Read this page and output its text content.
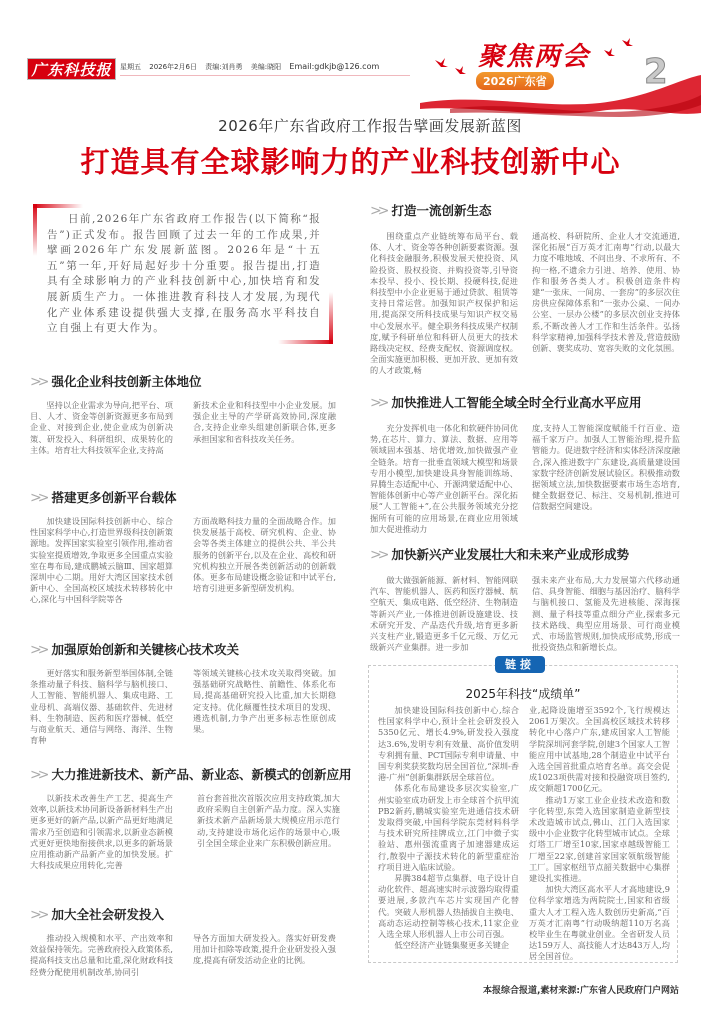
广东科技报	星期五 2026年2月6日 责编:刘肖勇 美编:晓阳 Email:gdkjb@126.com	聚焦两会
2026广东省	2
2026年广东省政府工作报告擘画发展新蓝图
打造具有全球影响力的产业科技创新中心
日前,2026年广东省政府工作报告(以下简称“报告”)正式发布。报告回顾了过去一年的工作成果,并擘画2026年广东发展新蓝图。2026年是“十五五”第一年,开好局起好步十分重要。报告提出,打造具有全球影响力的产业科技创新中心,加快培育和发展新质生产力。一体推进教育科技人才发展,为现代化产业体系建设提供强大支撑,在服务高水平科技自立自强上有更大作为。
>> 强化企业科技创新主体地位

坚持以企业需求为导向,把平台、项目、人才、资金等创新资源更多布局到企业、对接到企业,使企业成为创新决策、研发投入、科研组织、成果转化的主体。培育壮大科技领军企业,支持高

新技术企业和科技型中小企业发展。加强企业主导的产学研高效协同,深度融合,支持企业牵头组建创新联合体,更多承担国家和省科技攻关任务。

>> 搭建更多创新平台载体

加快建设国际科技创新中心、综合性国家科学中心,打造世界级科技创新策源地。发挥国家实验室引领作用,推动省实验室提质增效,争取更多全国重点实验室在粤布局,建成鹏城云脑Ⅲ、国家超算深圳中心二期。用好大湾区国家技术创新中心、全国高校区域技术转移转化中心,深化与中国科学院等各

方面战略科技力量的全面战略合作。加快发展基于高校、研究机构、企业、协会等各类主体建立的提供公共、半公共服务的创新平台,以及在企业、高校和研究机构独立开展各类创新活动的创新载体。更多布局建设概念验证和中试平台,培育引进更多新型研发机构。

>> 加强原始创新和关键核心技术攻关

更好落实和服务新型举国体制,全链条推动量子科技、脑科学与脑机接口、人工智能、智能机器人、集成电路、工业母机、高端仪器、基础软件、先进材料、生物制造、医药和医疗器械、低空与商业航天、通信与网络、海洋、生物育种

等领域关键核心技术攻关取得突破。加强基础研究战略性、前瞻性、体系化布局,提高基础研究投入比重,加大长期稳定支持。优化颠覆性技术项目的发现、遴选机制,力争产出更多标志性原创成果。

>> 大力推进新技术、新产品、新业态、新模式的创新应用

以新技术改善生产工艺、提高生产效率,以新技术协同新设备新材料生产出更多更好的新产品,以新产品更好地满足需求乃至创造和引领需求,以新业态新模式更好更快地衔接供求,以更多的新场景应用推动新产品新产业的加快发展。扩大科技成果应用转化,完善

首台套首批次首版次应用支持政策,加大政府采购自主创新产品力度。深入实施新技术新产品新场景大规模应用示范行动,支持建设市场化运作的场景中心,吸引全国全球企业来广东积极创新应用。

>> 加大全社会研发投入

推动投入规模和水平、产出效率和效益保持领先。完善政府投入政策体系,提高科技支出总量和比重,深化财政科技经费分配使用机制改革,协同引

导各方面加大研发投入。落实好研发费用加计扣除等政策,提升企业研发投入强度,提高有研发活动企业的比例。

>> 打造一流创新生态

围绕重点产业链统筹布局平台、载体、人才、资金等各种创新要素资源。强化科技金融服务,积极发展天使投资、风险投资、股权投资、并购投资等,引导资本投早、投小、投长期、投硬科技,促进科技型中小企业更易于通过贷款、租赁等支持日常运营。加强知识产权保护和运用,提高深交所科技成果与知识产权交易中心发展水平。健全职务科技成果产权制度,赋予科研单位和科研人员更大的技术路线决定权、经费支配权、资源调度权。全面实施更加积极、更加开放、更加有效的人才政策,畅

通高校、科研院所、企业人才交流通道,深化拓展“百万英才汇南粤”行动,以最大力度不唯地域、不问出身、不求所有、不拘一格,不遗余力引进、培养、使用、协作和服务各类人才。积极创造条件构建“一张床、一间房、一套房”的多层次住房供应保障体系和“一张办公桌、一间办公室、一层办公楼”的多层次创业支持体系,不断改善人才工作和生活条件。弘扬科学家精神,加强科学技术普及,营造鼓励创新、褒奖成功、宽容失败的文化氛围。

>> 加快推进人工智能全域全时全行业高水平应用

充分发挥机电一体化和软硬件协同优势,在芯片、算力、算法、数据、应用等领域固本强基、培优增效,加快做强产业全链条。培育一批垂直领域大模型和场景专用小模型,加快建设具身智能训练场、昇腾生态适配中心、开源鸿蒙适配中心、智能体创新中心等产业创新平台。深化拓展“人工智能+”,在公共服务领域充分挖掘所有可能的应用场景,在商业应用领域加大促进推动力

度,支持人工智能深度赋能千行百业、造福千家万户。加强人工智能治理,提升监管能力。促进数字经济和实体经济深度融合,深入推进数字广东建设,高质量建设国家数字经济创新发展试验区。积极推动数据领域立法,加快数据要素市场生态培育,健全数据登记、标注、交易机制,推进可信数据空间建设。

>> 加快新兴产业发展壮大和未来产业成形成势

做大做强新能源、新材料、智能网联汽车、智能机器人、医药和医疗器械、航空航天、集成电路、低空经济、生物制造等新兴产业,一体推进创新设施建设、技术研究开发、产品迭代升级,培育更多新兴支柱产业,锻造更多千亿元级、万亿元级新兴产业集群。进一步加

强未来产业布局,大力发展第六代移动通信、具身智能、细胞与基因治疗、脑科学与脑机接口、氢能及先进核能、深海探测、量子科技等重点细分产业,探索多元技术路线、典型应用场景、可行商业模式、市场监管规则,加快成形成势,形成一批投资热点和新增长点。

链接
2025年科技“成绩单”

加快建设国际科技创新中心,综合性国家科学中心,预计全社会研发投入5350亿元、增长4.9%,研发投入强度达3.6%,发明专利有效量、高价值发明专利拥有量、PCT国际专利申请量、中国专利奖获奖数均居全国首位,“深圳-香港-广州”创新集群跃居全球首位。

体系化布局建设多层次实验室,广州实验室成功研发上市全球首个抗甲流PB2新药,鹏城实验室先进通信技术研发取得突破,中国科学院东莞材料科学与技术研究所挂牌成立,江门中微子实验站、惠州强流重离子加速器建成运行,散裂中子源技术转化的新型重症治疗项目进入临床试验。

昇腾384超节点集群、电子设计自动化软件、超高速实时示波器均取得重要进展,多款汽车芯片实现国产化替代。突破人形机器人热插拔自主换电、高动态运动控制等核心技术,11家企业入选全球人形机器人上市公司百强。

低空经济产业链集聚更多关键企

业,起降设施增至3592个,飞行规模达2061万架次。全国高校区域技术转移转化中心落户广东,建成国家人工智能学院深圳河套学院,创建3个国家人工智能应用中试基地,28个制造业中试平台入选全国首批重点培育名单。高交会促成1023项供需对接和投融资项目签约,成交额超1700亿元。

推动1万家工业企业技术改造和数字化转型,东莞入选国家制造业新型技术改造城市试点,佛山、江门入选国家级中小企业数字化转型城市试点。全球灯塔工厂增至10家,国家卓越级智能工厂增至22家,创建首家国家领航级智能工厂。国家枢纽节点韶关数据中心集群建设扎实推进。

加快大湾区高水平人才高地建设,9位科学家增选为两院院士,国家和省级重大人才工程入选人数创历史新高,“百万英才汇南粤”行动吸纳超110万名高校毕业生在粤就业创业。全省研发人员达159万人、高技能人才达843万人,均居全国首位。

本报综合报道,素材来源:广东省人民政府门户网站
